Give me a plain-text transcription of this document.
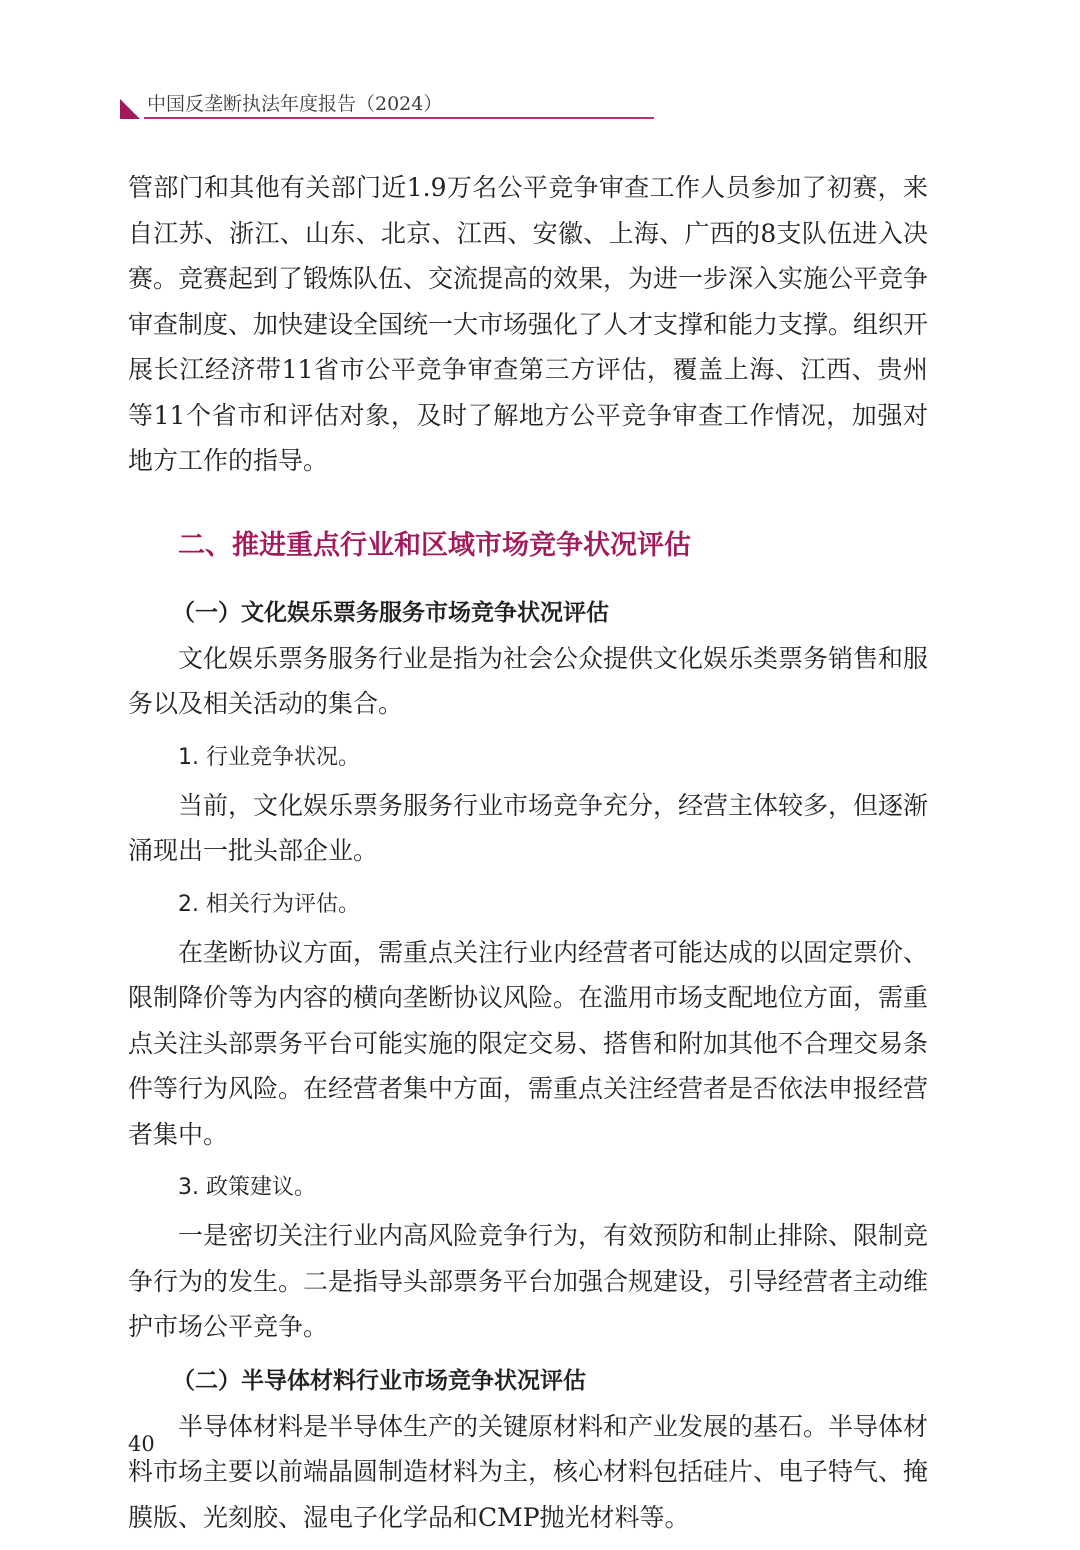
中国反垄断执法年度报告（2024）

管部门和其他有关部门近1.9万名公平竞争审查工作人员参加了初赛，来自江苏、浙江、山东、北京、江西、安徽、上海、广西的8支队伍进入决赛。竞赛起到了锻炼队伍、交流提高的效果，为进一步深入实施公平竞争审查制度、加快建设全国统一大市场强化了人才支撑和能力支撑。组织开展长江经济带11省市公平竞争审查第三方评估，覆盖上海、江西、贵州等11个省市和评估对象，及时了解地方公平竞争审查工作情况，加强对地方工作的指导。

二、推进重点行业和区域市场竞争状况评估
（一）文化娱乐票务服务市场竞争状况评估

文化娱乐票务服务行业是指为社会公众提供文化娱乐类票务销售和服务以及相关活动的集合。

1. 行业竞争状况。

当前，文化娱乐票务服务行业市场竞争充分，经营主体较多，但逐渐涌现出一批头部企业。

2. 相关行为评估。

在垄断协议方面，需重点关注行业内经营者可能达成的以固定票价、限制降价等为内容的横向垄断协议风险。在滥用市场支配地位方面，需重点关注头部票务平台可能实施的限定交易、搭售和附加其他不合理交易条件等行为风险。在经营者集中方面，需重点关注经营者是否依法申报经营者集中。

3. 政策建议。

一是密切关注行业内高风险竞争行为，有效预防和制止排除、限制竞争行为的发生。二是指导头部票务平台加强合规建设，引导经营者主动维护市场公平竞争。

（二）半导体材料行业市场竞争状况评估

半导体材料是半导体生产的关键原材料和产业发展的基石。半导体材料市场主要以前端晶圆制造材料为主，核心材料包括硅片、电子特气、掩膜版、光刻胶、湿电子化学品和CMP抛光材料等。

40
